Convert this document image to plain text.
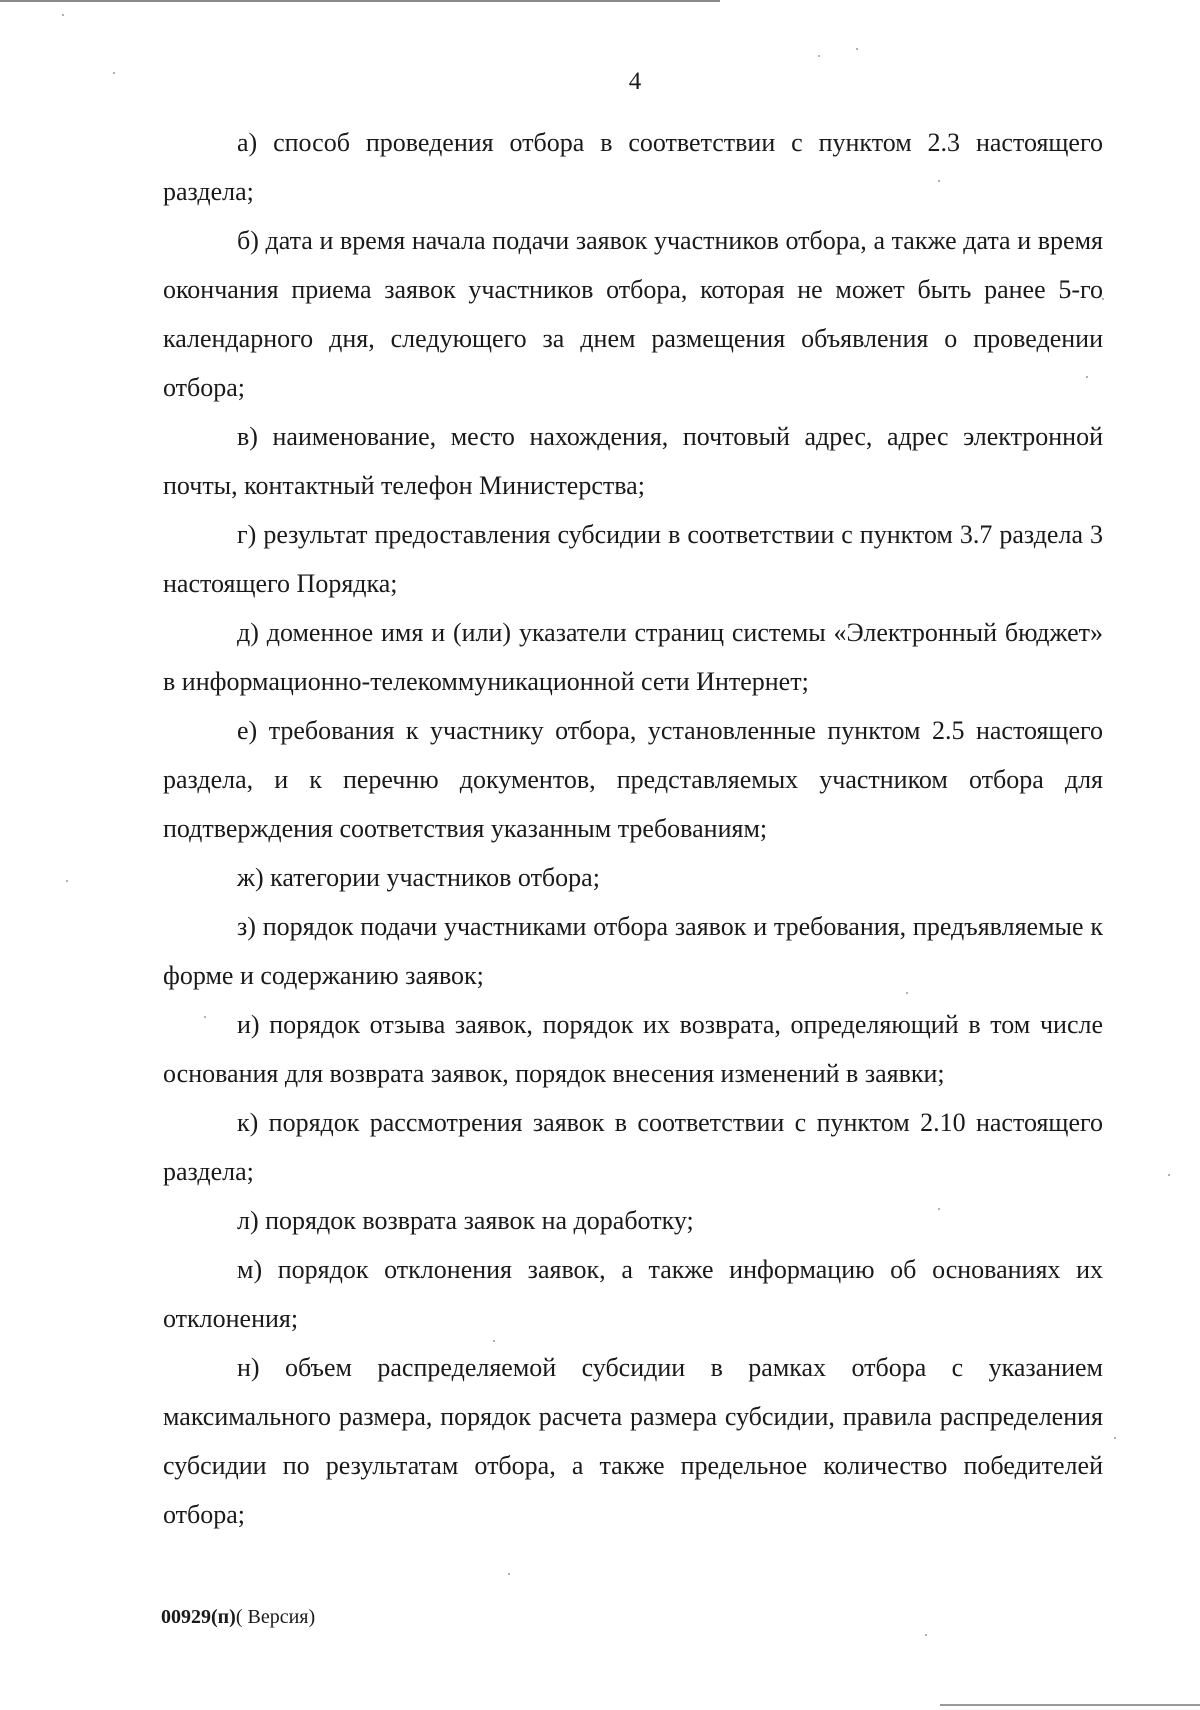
4

а) способ проведения отбора в соответствии с пунктом 2.3 настоящего раздела;

б) дата и время начала подачи заявок участников отбора, а также дата и время окончания приема заявок участников отбора, которая не может быть ранее 5-го календарного дня, следующего за днем размещения объявления о проведении отбора;

в) наименование, место нахождения, почтовый адрес, адрес электронной почты, контактный телефон Министерства;

г) результат предоставления субсидии в соответствии с пунктом 3.7 раздела 3 настоящего Порядка;

д) доменное имя и (или) указатели страниц системы «Электронный бюджет» в информационно-телекоммуникационной сети Интернет;

е) требования к участнику отбора, установленные пунктом 2.5 настоящего раздела, и к перечню документов, представляемых участником отбора для подтверждения соответствия указанным требованиям;

ж) категории участников отбора;

з) порядок подачи участниками отбора заявок и требования, предъявляемые к форме и содержанию заявок;

и) порядок отзыва заявок, порядок их возврата, определяющий в том числе основания для возврата заявок, порядок внесения изменений в заявки;

к) порядок рассмотрения заявок в соответствии с пунктом 2.10 настоящего раздела;

л) порядок возврата заявок на доработку;

м) порядок отклонения заявок, а также информацию об основаниях их отклонения;

н) объем распределяемой субсидии в рамках отбора с указанием максимального размера, порядок расчета размера субсидии, правила распределения субсидии по результатам отбора, а также предельное количество победителей отбора;

00929(п)( Версия)
